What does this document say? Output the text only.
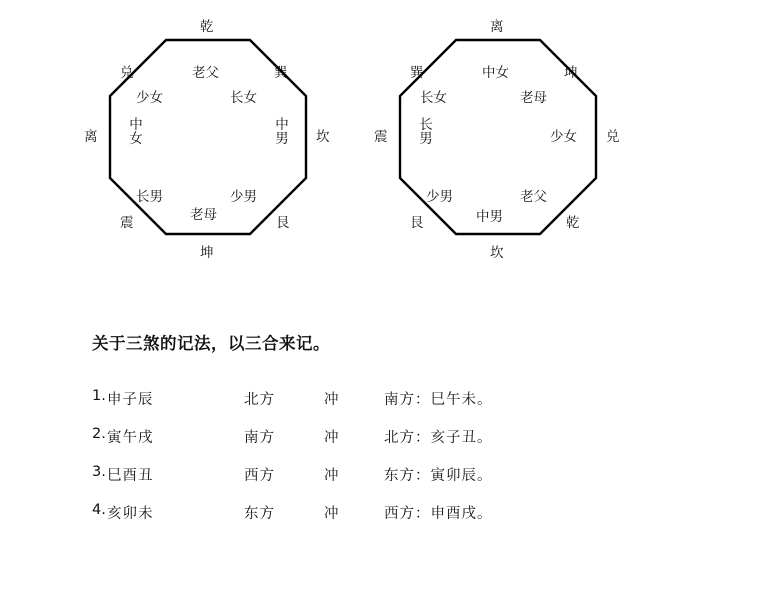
乾
老父	巽
长女
坎
中
男
艮
少男
坤
老母
震
长男
离
中
女
兑
少女
离
中女	坤
老母
兑
少女
乾
老父
坎
中男
艮
少男
震
长
男
巽
长女
关于三煞的记法，以三合来记。
1. 申子辰	北方	冲	南方：巳午未。
2. 寅午戌	南方	冲	北方：亥子丑。
3. 巳酉丑	西方	冲	东方：寅卯辰。
4. 亥卯未	东方	冲	西方：申酉戌。
